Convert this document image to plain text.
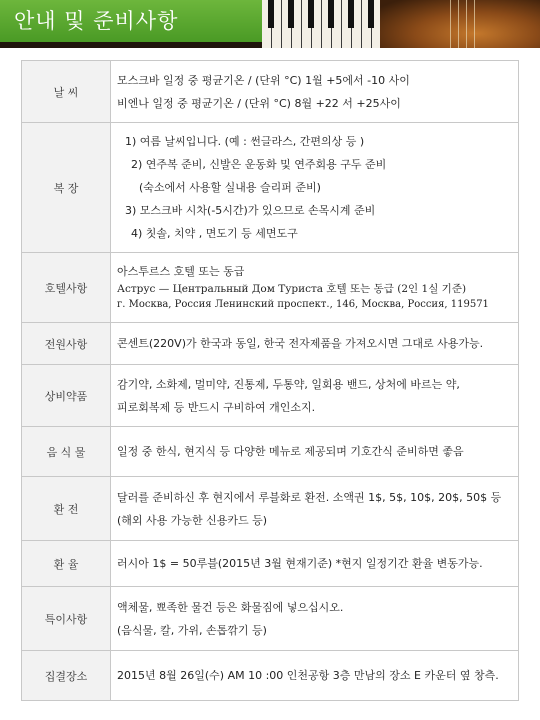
안내 및 준비사항
날 씨	모스크바 일정 중 평균기온 / (단위 °C) 1월 +5에서 -10 사이
비엔나 일정 중 평균기온 / (단위 °C) 8월 +22 서 +25사이

복 장	1) 여름 날씨입니다. (예 : 썬글라스, 간편의상 등 )
2) 연주복 준비, 신발은 운동화 및 연주회용 구두 준비
(숙소에서 사용할 실내용 슬리퍼 준비)
3) 모스크바 시차(-5시간)가 있으므로 손목시계 준비
4) 칫솔, 치약 , 면도기 등 세면도구

호텔사항	아스투르스 호텔 또는 동급
Аструс — Центральный Дом Туриста 호텔 또는 동급 (2인 1실 기준)
г. Москва, Россия Ленинский проспект., 146, Москва, Россия, 119571

전원사항	콘센트(220V)가 한국과 동일, 한국 전자제품을 가져오시면 그대로 사용가능.

상비약품	감기약, 소화제, 멀미약, 진통제, 두통약, 일회용 밴드, 상처에 바르는 약,
피로회복제 등 반드시 구비하여 개인소지.

음 식 물	일정 중 한식, 현지식 등 다양한 메뉴로 제공되며 기호간식 준비하면 좋음

환 전	달러를 준비하신 후 현지에서 루블화로 환전. 소액권 1$, 5$, 10$, 20$, 50$ 등
(해외 사용 가능한 신용카드 등)

환 율	러시아 1$ = 50루블(2015년 3월 현재기준) *현지 일정기간 환율 변동가능.

특이사항	액체물, 뾰족한 물건 등은 화물짐에 넣으십시오.
(음식물, 칼, 가위, 손톱깎기 등)

집결장소	2015년 8월 26일(수) AM 10 :00 인천공항 3층 만남의 장소 E 카운터 옆 창측.
